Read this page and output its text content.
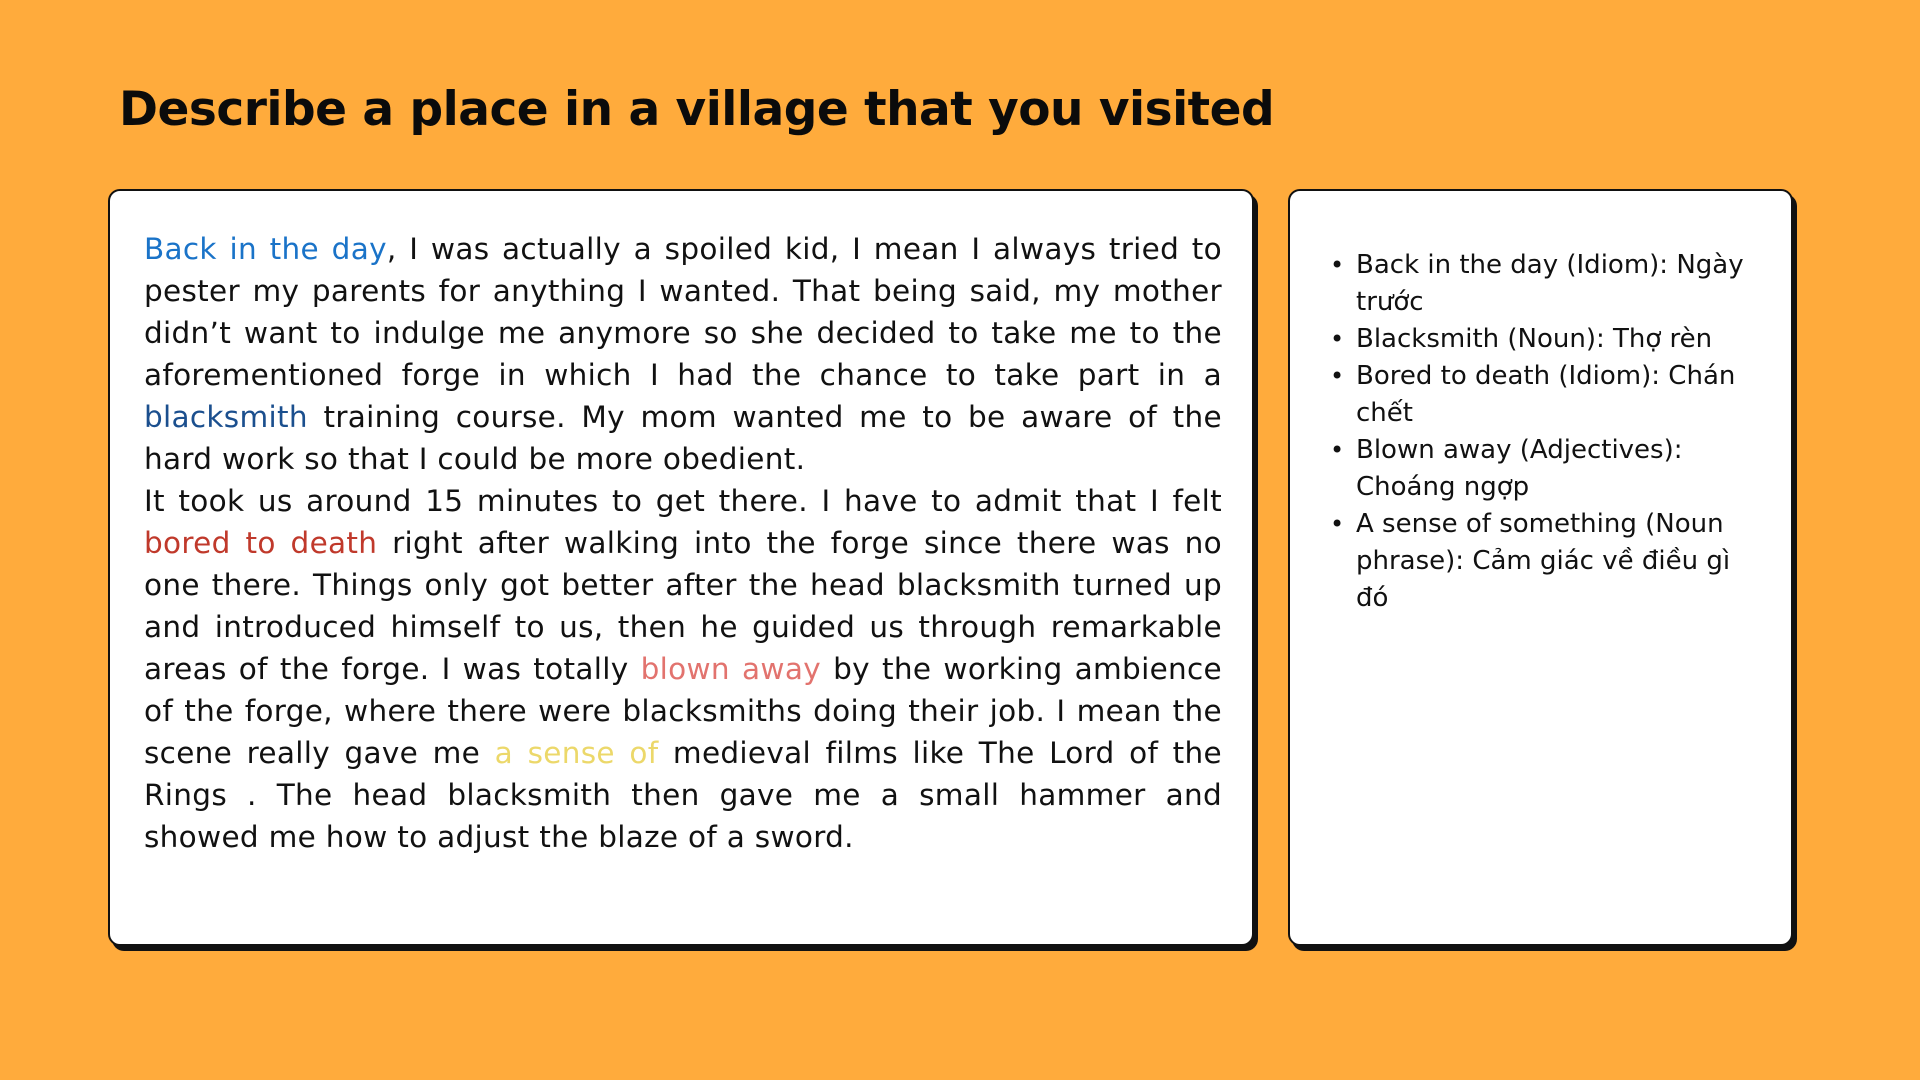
Describe a place in a village that you visited

Back in the day, I was actually a spoiled kid, I mean I always tried to pester my parents for anything I wanted. That being said, my mother didn’t want to indulge me anymore so she decided to take me to the aforementioned forge in which I had the chance to take part in a blacksmith training course. My mom wanted me to be aware of the hard work so that I could be more obedient.

It took us around 15 minutes to get there. I have to admit that I felt bored to death right after walking into the forge since there was no one there. Things only got better after the head blacksmith turned up and introduced himself to us, then he guided us through remarkable areas of the forge. I was totally blown away by the working ambience of the forge, where there were blacksmiths doing their job. I mean the scene really gave me a sense of medieval films like The Lord of the Rings . The head blacksmith then gave me a small hammer and showed me how to adjust the blaze of a sword.

• Back in the day (Idiom): Ngày trước
• Blacksmith (Noun): Thợ rèn
• Bored to death (Idiom): Chán chết
• Blown away (Adjectives): Choáng ngợp
• A sense of something (Noun phrase): Cảm giác về điều gì đó
